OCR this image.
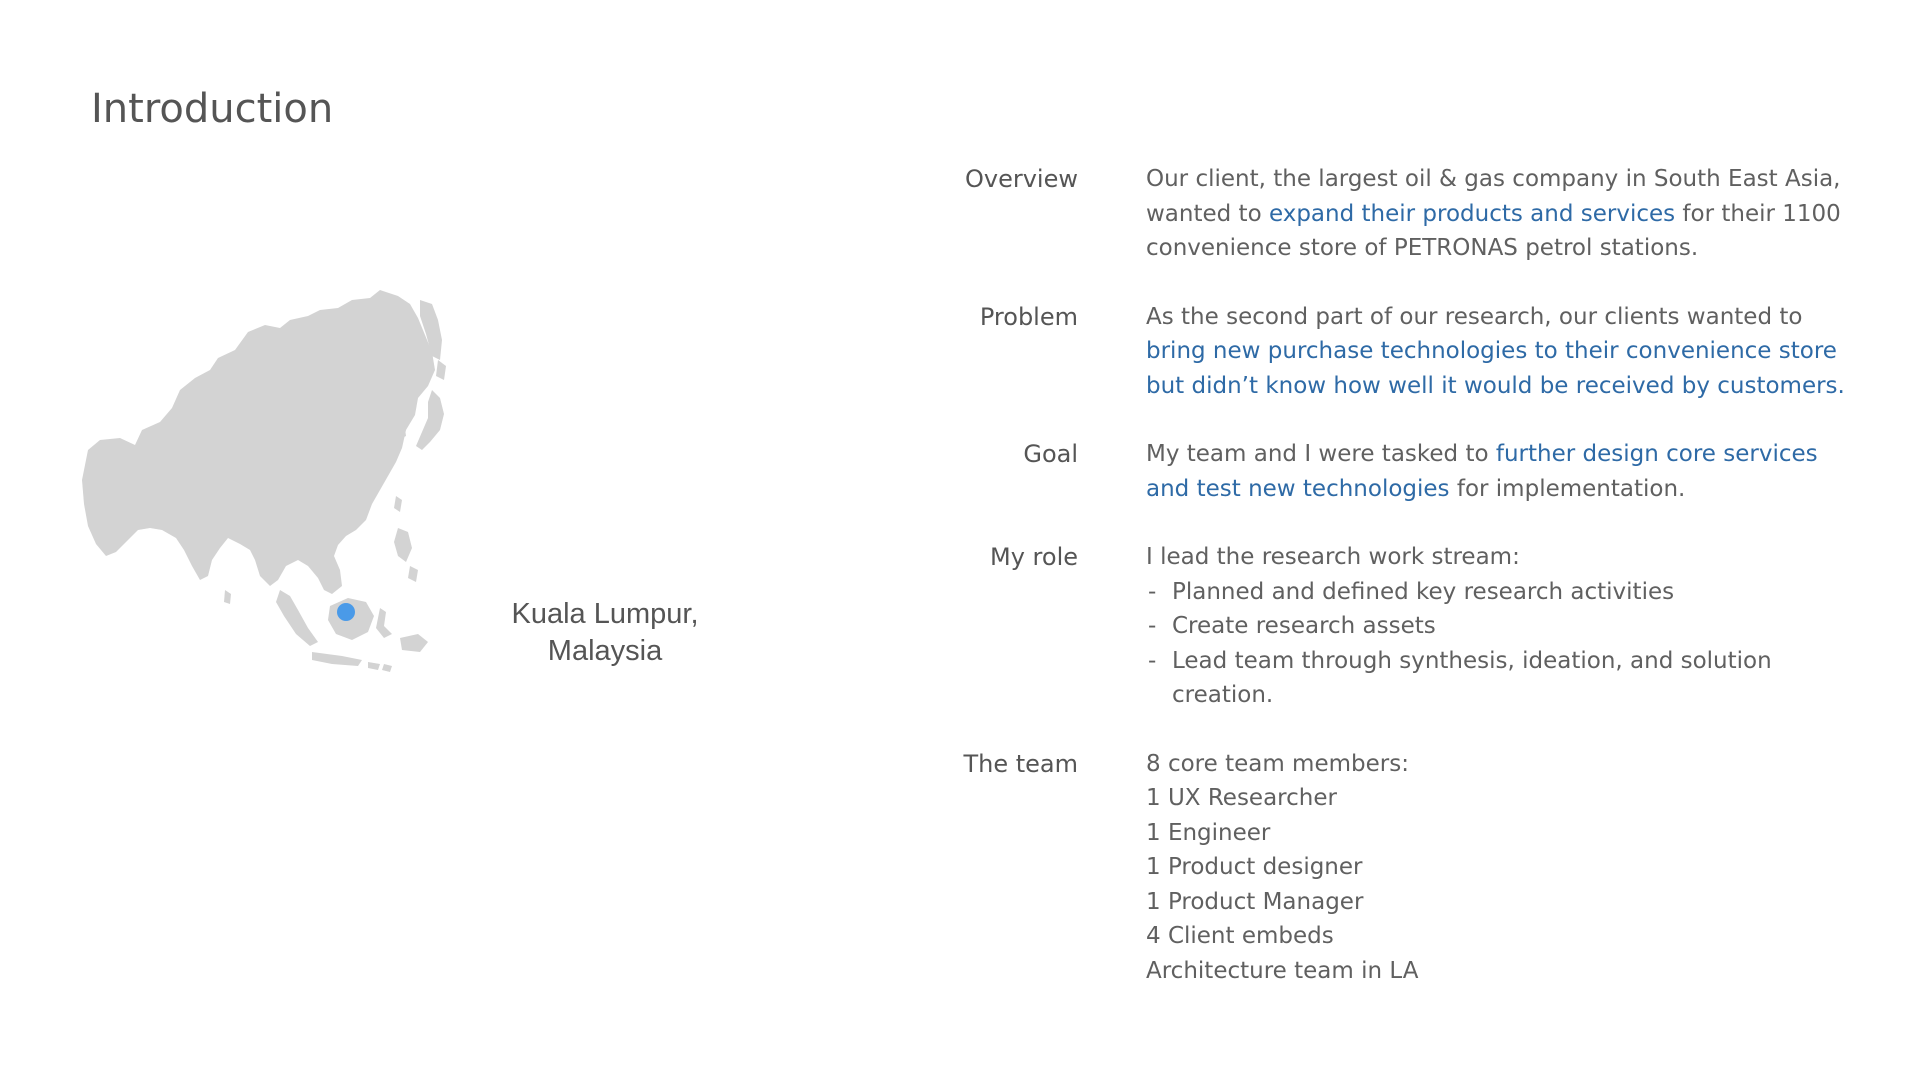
Introduction
Kuala Lumpur,
Malaysia
Overview	Our client, the largest oil & gas company in South East Asia, wanted to expand their products and services for their 1100 convenience store of PETRONAS petrol stations.
Problem	As the second part of our research, our clients wanted to bring new purchase technologies to their convenience store but didn’t know how well it would be received by customers.
Goal	My team and I were tasked to further design core services and test new technologies for implementation.
My role	I lead the research work stream:
- Planned and defined key research activities
- Create research assets
- Lead team through synthesis, ideation, and solution creation.
The team	8 core team members:
1 UX Researcher
1 Engineer
1 Product designer
1 Product Manager
4 Client embeds
Architecture team in LA
